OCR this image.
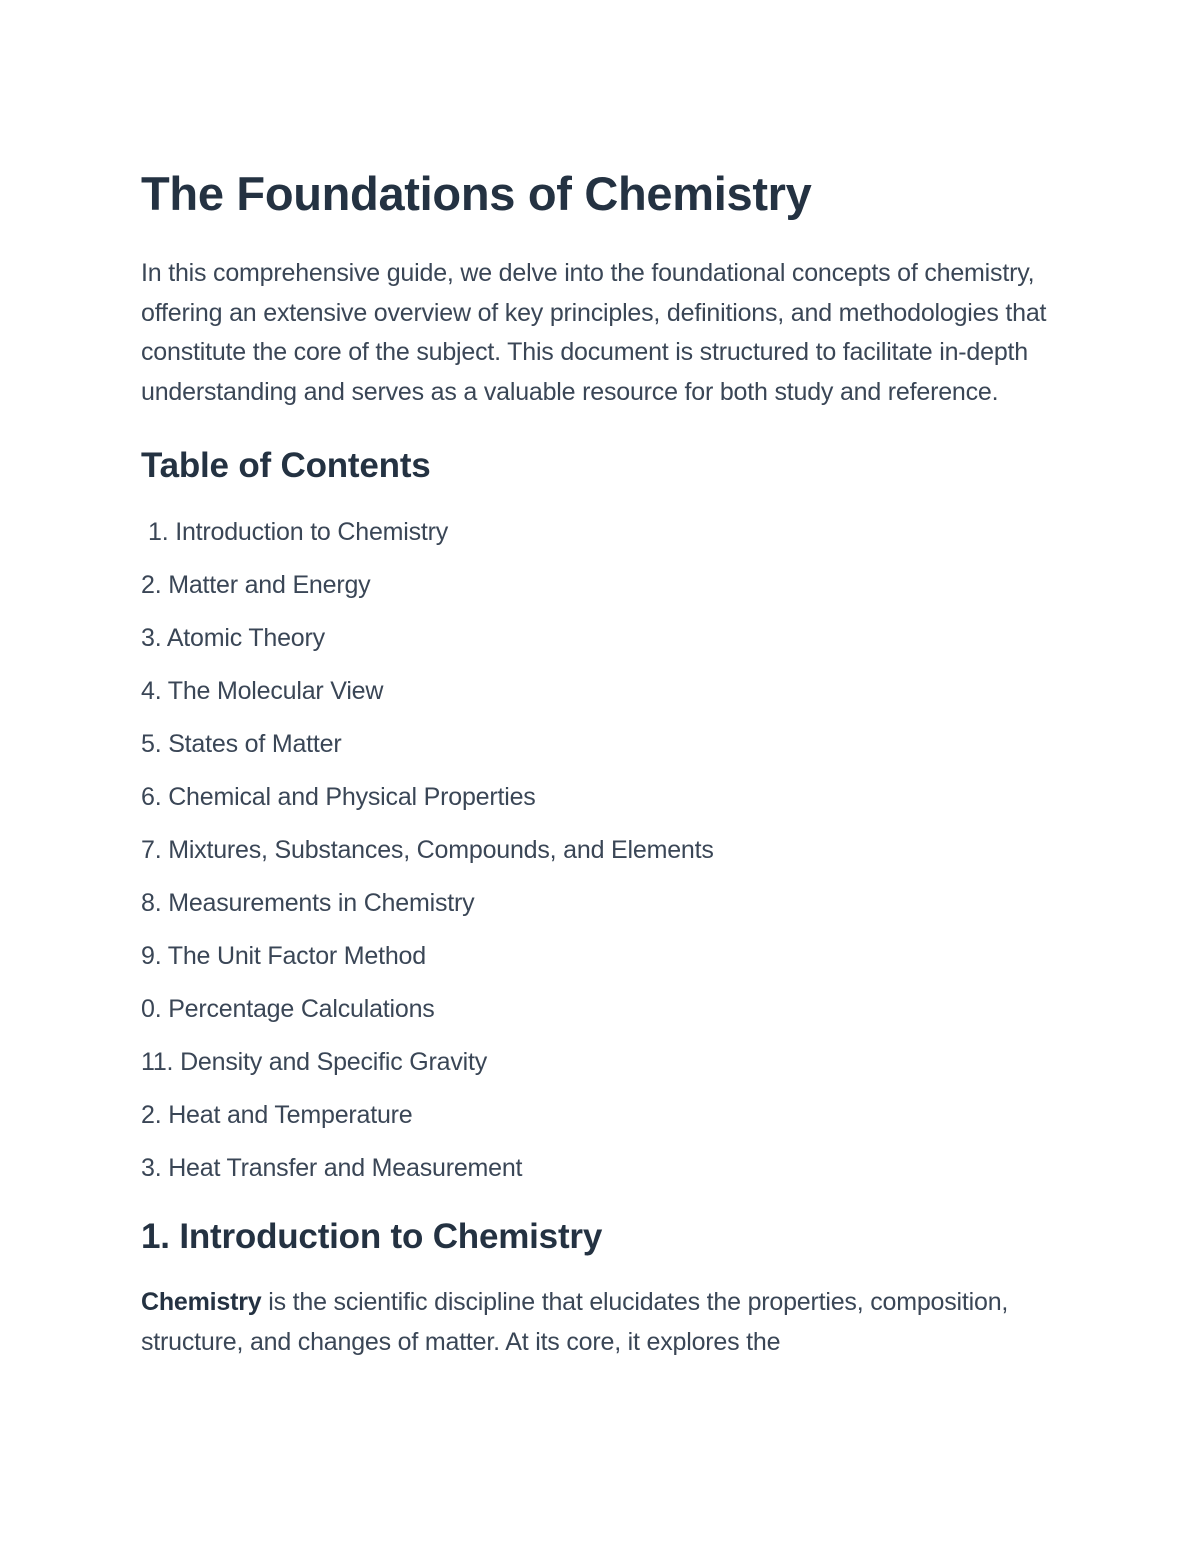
The Foundations of Chemistry

In this comprehensive guide, we delve into the foundational concepts of chemistry, offering an extensive overview of key principles, definitions, and methodologies that constitute the core of the subject. This document is structured to facilitate in-depth understanding and serves as a valuable resource for both study and reference.

Table of Contents
1. Introduction to Chemistry
2. Matter and Energy
3. Atomic Theory
4. The Molecular View
5. States of Matter
6. Chemical and Physical Properties
7. Mixtures, Substances, Compounds, and Elements
8. Measurements in Chemistry
9. The Unit Factor Method
0. Percentage Calculations
11. Density and Specific Gravity
2. Heat and Temperature
3. Heat Transfer and Measurement
1. Introduction to Chemistry

Chemistry is the scientific discipline that elucidates the properties, composition, structure, and changes of matter. At its core, it explores the
